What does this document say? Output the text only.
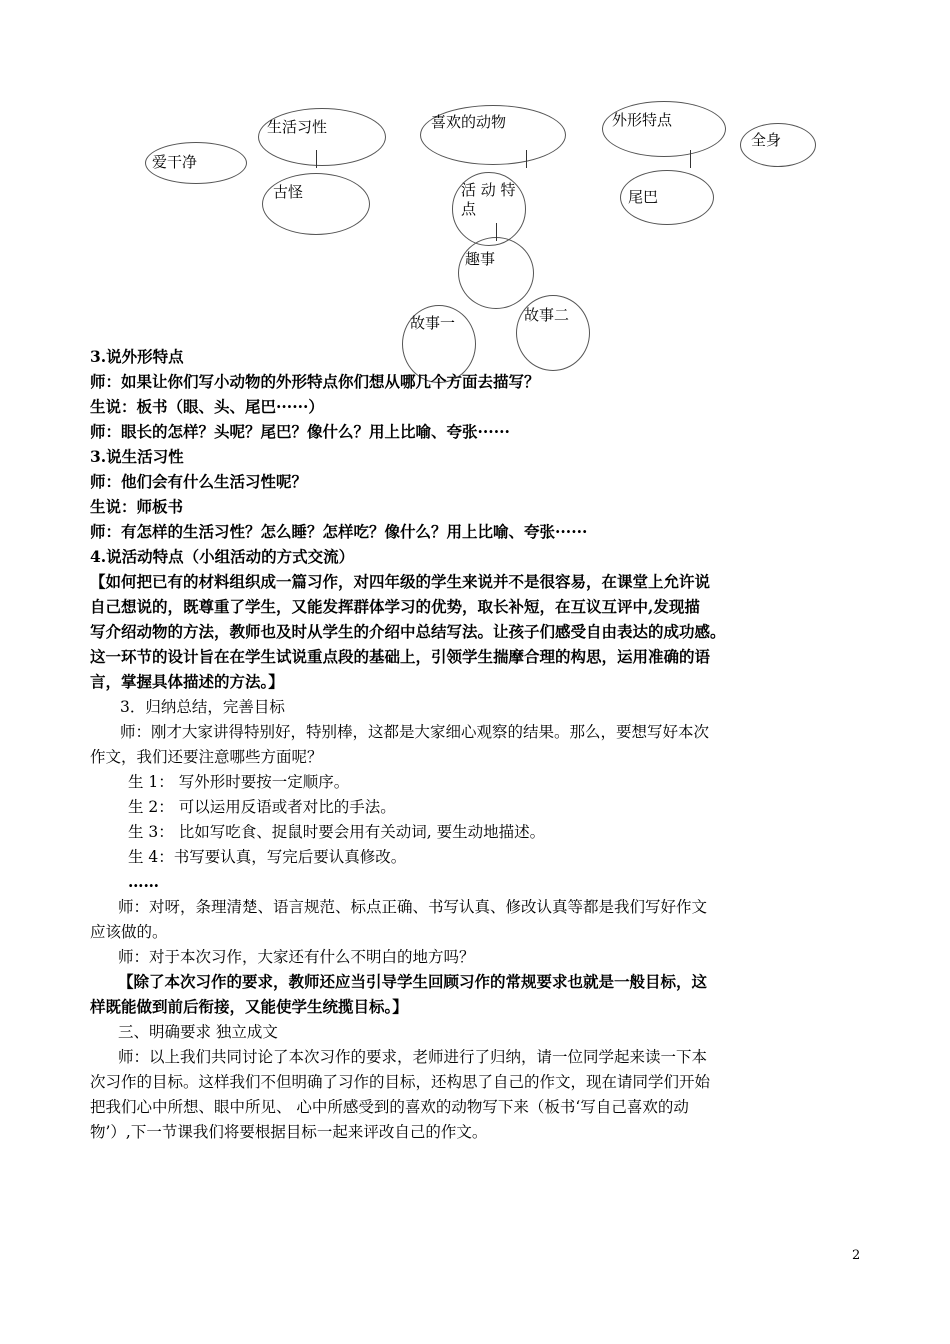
爱干净
生活习性	喜欢的动物	外形特点
全身
古怪	活 动 特
点
尾巴
趣事
故事一	故事二
3.说外形特点
师：如果让你们写小动物的外形特点你们想从哪几个方面去描写？
生说：板书（眼、头、尾巴······）
师：眼长的怎样？头呢？尾巴？像什么？用上比喻、夸张······
3.说生活习性
师：他们会有什么生活习性呢？
生说：师板书
师：有怎样的生活习性？怎么睡？怎样吃？像什么？用上比喻、夸张······
4.说活动特点（小组活动的方式交流）
【如何把已有的材料组织成一篇习作，对四年级的学生来说并不是很容易，在课堂上允许说
自己想说的，既尊重了学生，又能发挥群体学习的优势，取长补短，在互议互评中,发现描
写介绍动物的方法，教师也及时从学生的介绍中总结写法。让孩子们感受自由表达的成功感。
这一环节的设计旨在在学生试说重点段的基础上，引领学生揣摩合理的构思，运用准确的语
言，掌握具体描述的方法。】
3．归纳总结，完善目标
师：刚才大家讲得特别好，特别棒，这都是大家细心观察的结果。那么，要想写好本次
作文，我们还要注意哪些方面呢？
生 1： 写外形时要按一定顺序。
生 2： 可以运用反语或者对比的手法。
生 3： 比如写吃食、捉鼠时要会用有关动词, 要生动地描述。
生 4：书写要认真，写完后要认真修改。
……
师：对呀，条理清楚、语言规范、标点正确、书写认真、修改认真等都是我们写好作文
应该做的。
师：对于本次习作，大家还有什么不明白的地方吗？
【除了本次习作的要求，教师还应当引导学生回顾习作的常规要求也就是一般目标，这
样既能做到前后衔接，又能使学生统揽目标。】
三、明确要求 独立成文
师：以上我们共同讨论了本次习作的要求，老师进行了归纳，请一位同学起来读一下本
次习作的目标。这样我们不但明确了习作的目标，还构思了自己的作文，现在请同学们开始
把我们心中所想、眼中所见、 心中所感受到的喜欢的动物写下来（板书‘写自己喜欢的动
物’）,下一节课我们将要根据目标一起来评改自己的作文。
2
